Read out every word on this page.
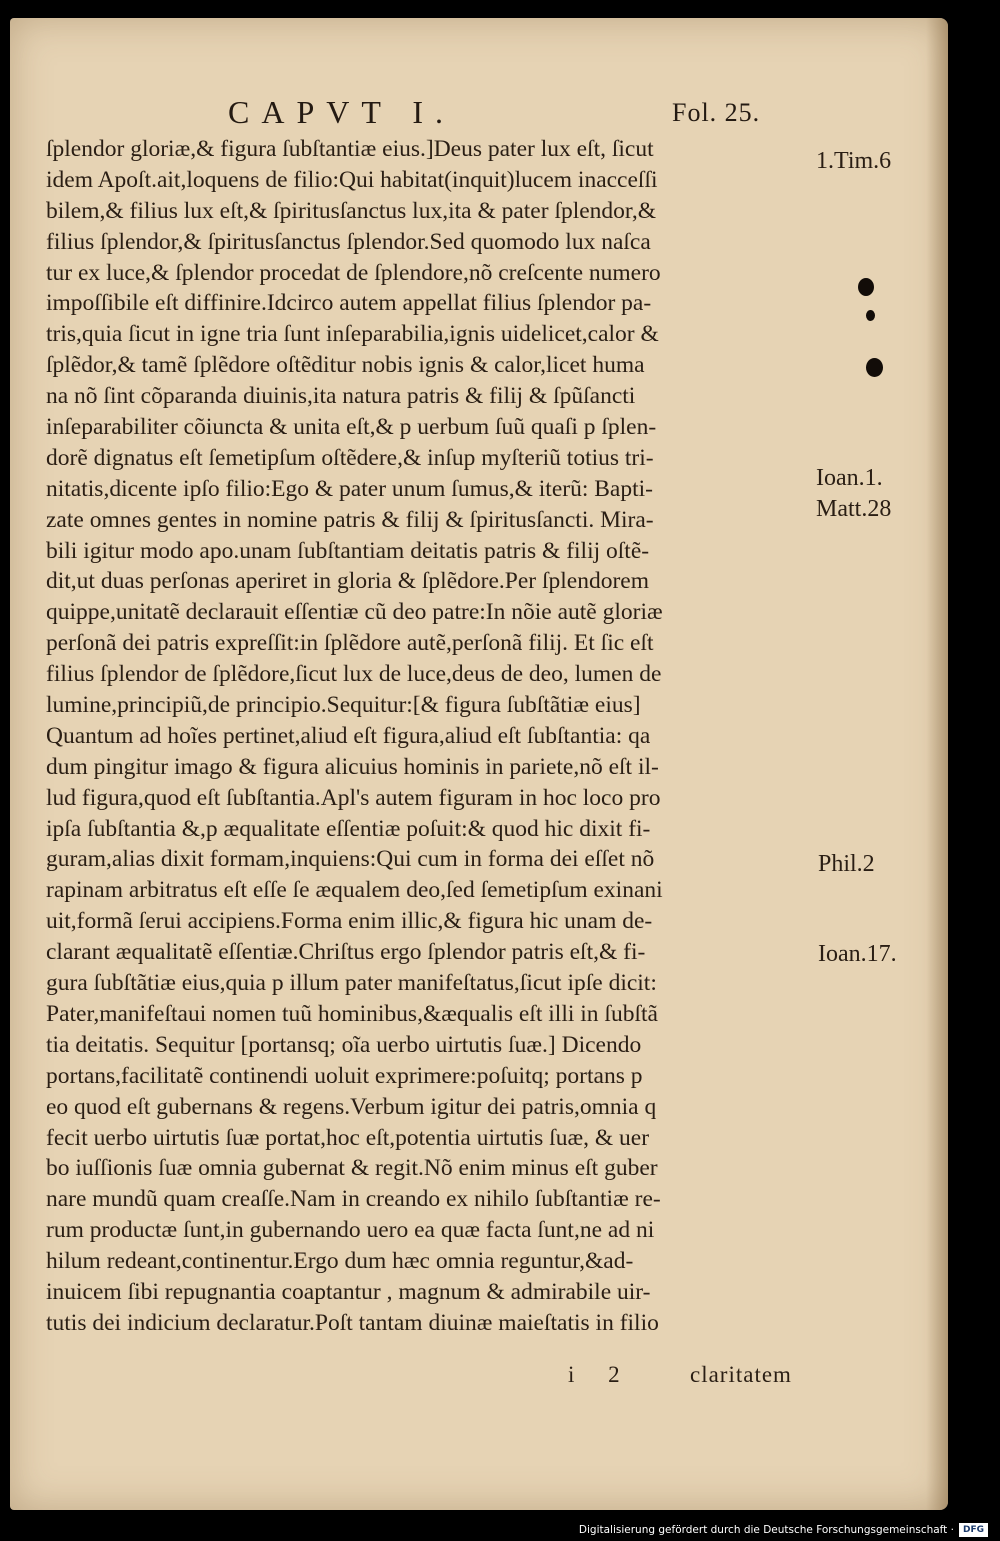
CAPVT I.	Fol. 25.
ſplendor gloriæ,& figura ſubſtantiæ eius.]Deus pater lux eſt, ſicut
idem Apoſt.ait,loquens de filio:Qui habitat(inquit)lucem inacceſſi
bilem,& filius lux eſt,& ſpiritusſanctus lux,ita & pater ſplendor,&
filius ſplendor,& ſpiritusſanctus ſplendor.Sed quomodo lux naſca
tur ex luce,& ſplendor procedat de ſplendore,nõ creſcente numero
impoſſibile eſt diffinire.Idcirco autem appellat filius ſplendor pa-
tris,quia ſicut in igne tria ſunt inſeparabilia,ignis uidelicet,calor &
ſplẽdor,& tamẽ ſplẽdore oſtẽditur nobis ignis & calor,licet huma
na nõ ſint cõparanda diuinis,ita natura patris & filij & ſpũſancti
inſeparabiliter cõiuncta & unita eſt,& p uerbum ſuũ quaſi p ſplen-
dorẽ dignatus eſt ſemetipſum oſtẽdere,& inſup myſteriũ totius tri-
nitatis,dicente ipſo filio:Ego & pater unum ſumus,& iterũ: Bapti-
zate omnes gentes in nomine patris & filij & ſpiritusſancti. Mira-
bili igitur modo apo.unam ſubſtantiam deitatis patris & filij oſtẽ-
dit,ut duas perſonas aperiret in gloria & ſplẽdore.Per ſplendorem
quippe,unitatẽ declarauit eſſentiæ cũ deo patre:In nõie autẽ gloriæ
perſonã dei patris expreſſit:in ſplẽdore autẽ,perſonã filij. Et ſic eſt
filius ſplendor de ſplẽdore,ſicut lux de luce,deus de deo, lumen de
lumine,principiũ,de principio.Sequitur:[& figura ſubſtãtiæ eius]
Quantum ad hoĩes pertinet,aliud eſt figura,aliud eſt ſubſtantia: qa
dum pingitur imago & figura alicuius hominis in pariete,nõ eſt il-
lud figura,quod eſt ſubſtantia.Apl's autem figuram in hoc loco pro
ipſa ſubſtantia &,p æqualitate eſſentiæ poſuit:& quod hic dixit fi-
guram,alias dixit formam,inquiens:Qui cum in forma dei eſſet nõ
rapinam arbitratus eſt eſſe ſe æqualem deo,ſed ſemetipſum exinani
uit,formã ſerui accipiens.Forma enim illic,& figura hic unam de-
clarant æqualitatẽ eſſentiæ.Chriſtus ergo ſplendor patris eſt,& fi-
gura ſubſtãtiæ eius,quia p illum pater manifeſtatus,ſicut ipſe dicit:
Pater,manifeſtaui nomen tuũ hominibus,&æqualis eſt illi in ſubſtã
tia deitatis. Sequitur [portansq; oĩa uerbo uirtutis ſuæ.] Dicendo
portans,facilitatẽ continendi uoluit exprimere:poſuitq; portans p
eo quod eſt gubernans & regens.Verbum igitur dei patris,omnia q
fecit uerbo uirtutis ſuæ portat,hoc eſt,potentia uirtutis ſuæ, & uer
bo iuſſionis ſuæ omnia gubernat & regit.Nõ enim minus eſt guber
nare mundũ quam creaſſe.Nam in creando ex nihilo ſubſtantiæ re-
rum productæ ſunt,in gubernando uero ea quæ facta ſunt,ne ad ni
hilum redeant,continentur.Ergo dum hæc omnia reguntur,&ad-
inuicem ſibi repugnantia coaptantur , magnum & admirabile uir-
tutis dei indicium declaratur.Poſt tantam diuinæ maieſtatis in filio
i 2 claritatem
1.Tim.6
Ioan.1.
Matt.28
Phil.2
Ioan.17.
Digitalisierung gefördert durch die Deutsche Forschungsgemeinschaft ·	DFG
